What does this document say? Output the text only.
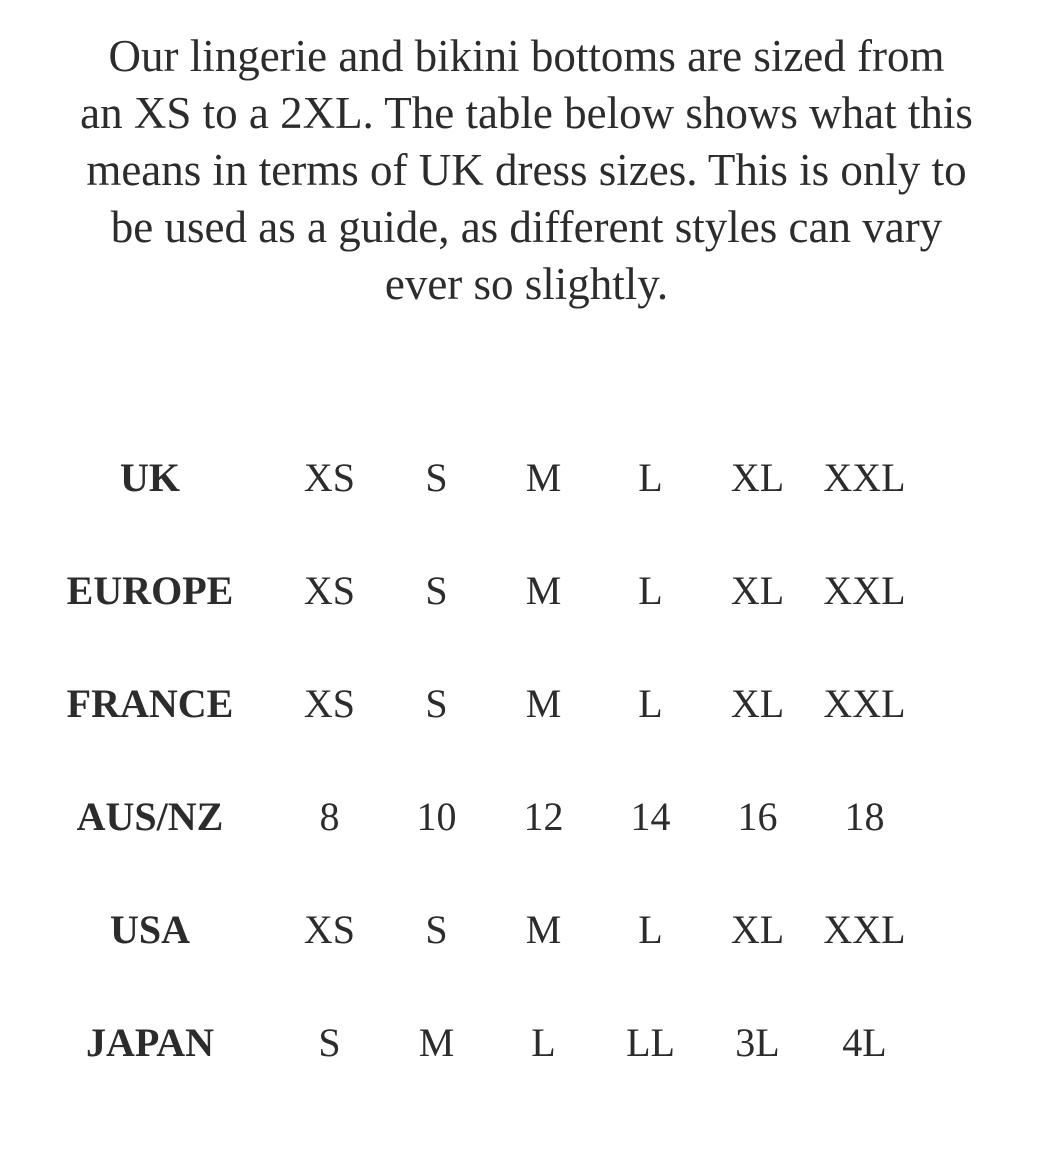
Our lingerie and bikini bottoms are sized from
an XS to a 2XL. The table below shows what this
means in terms of UK dress sizes. This is only to
be used as a guide, as different styles can vary
ever so slightly.
UK	XS	S	M	L	XL XXL
EUROPE	XS	S	M	L	XL XXL
FRANCE	XS	S	M	L	XL XXL
AUS/NZ	8	10	12	14	16	18
USA	XS	S	M	L	XL XXL
JAPAN	S	M	L	LL	3L	4L
